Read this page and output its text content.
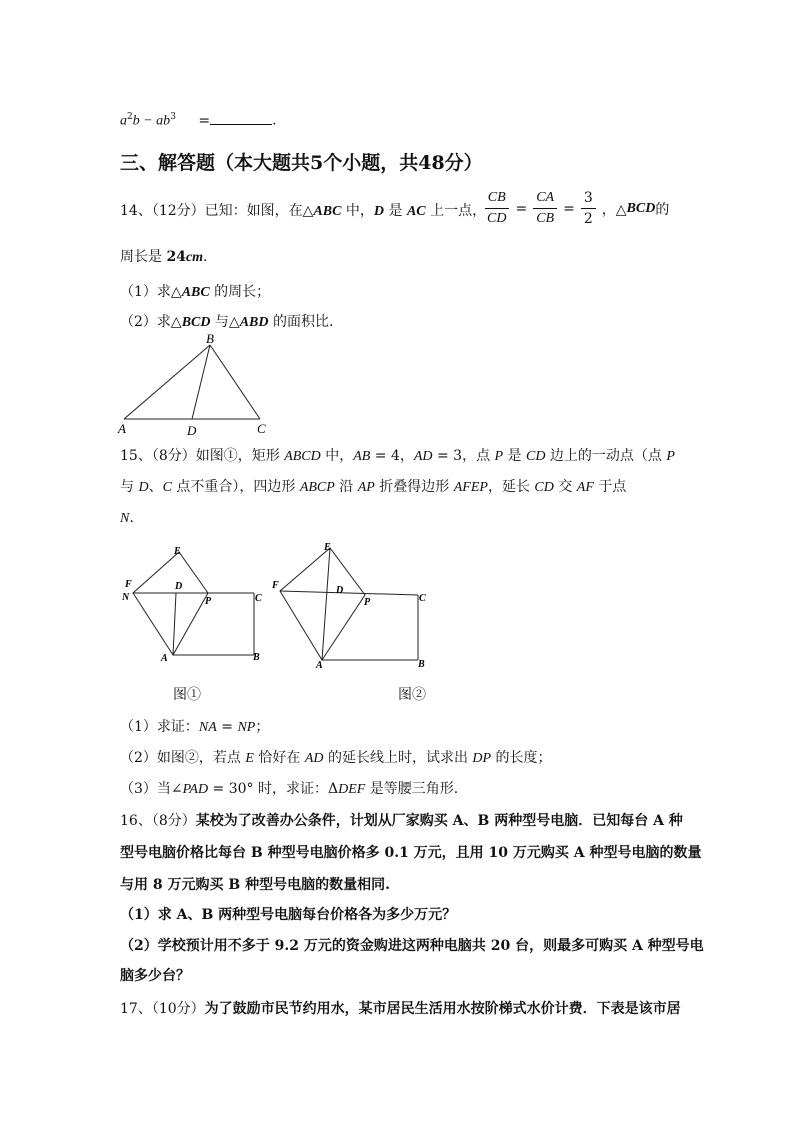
$a^2b - ab^3$ =	.
三、解答题（本大题共5个小题，共48分）
14、（12分）已知：如图，在△ABC 中，D 是 AC 上一点，
$\frac{CB}{CD} = \frac{CA}{CB} = \frac{3}{2}$ ，△ BCD 的
周长是 24cm.
（1）求△ABC 的周长；
（2）求△BCD 与△ABD 的面积比.
B
A	D	C
15、（8分）如图①，矩形 ABCD 中，AB = 4，AD = 3，点 P 是 CD 边上的一动点（点 P
与 D、C 点不重合），四边形 ABCP 沿 AP 折叠得边形 AFEP，延长 CD 交 AF 于点
N.
E
F
N
D
P	C
A	B
图①
E
F	D
P	C
A	B
图②
（1）求证：NA = NP；
（2）如图②，若点 E 恰好在 AD 的延长线上时，试求出 DP 的长度；
（3）当∠PAD = 30° 时，求证：ΔDEF 是等腰三角形.
16、（8分）某校为了改善办公条件，计划从厂家购买 A、B 两种型号电脑．已知每台 A 种
型号电脑价格比每台 B 种型号电脑价格多 0.1 万元，且用 10 万元购买 A 种型号电脑的数量
与用 8 万元购买 B 种型号电脑的数量相同.
（1）求 A、B 两种型号电脑每台价格各为多少万元？
（2）学校预计用不多于 9.2 万元的资金购进这两种电脑共 20 台，则最多可购买 A 种型号电
脑多少台？
17、（10分）为了鼓励市民节约用水，某市居民生活用水按阶梯式水价计费．下表是该市居
